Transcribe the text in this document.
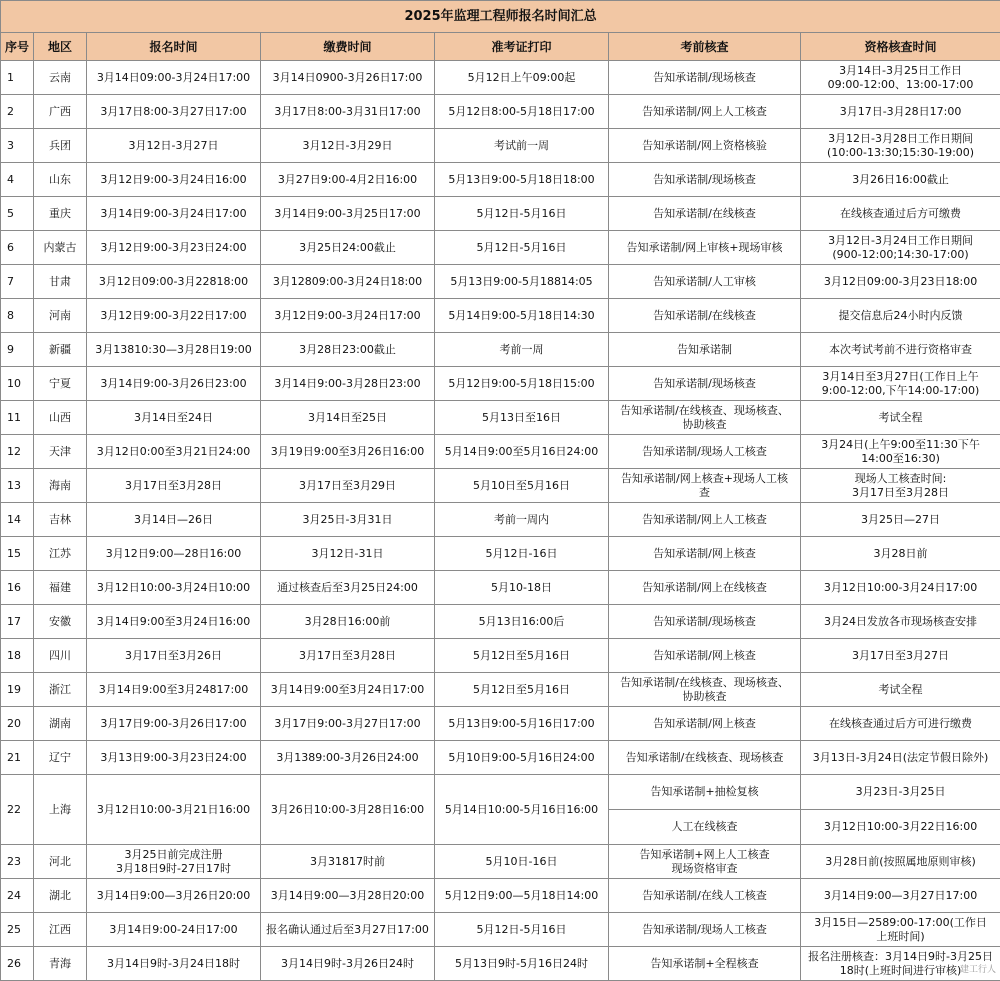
2025年监理工程师报名时间汇总						
序号	地区	报名时间	缴费时间	准考证打印	考前核查	资格核查时间
1	云南	3月14日09:00-3月24日17:00	3月14日0900-3月26日17:00	5月12日上午09:00起	告知承诺制/现场核查	3月14日-3月25日工作日
09:00-12:00、13:00-17:00
2	广西	3月17日8:00-3月27日17:00	3月17日8:00-3月31日17:00	5月12日8:00-5月18日17:00	告知承诺制/网上人工核查	3月17日-3月28日17:00
3	兵团	3月12日-3月27日	3月12日-3月29日	考试前一周	告知承诺制/网上资格核验	3月12日-3月28日工作日期间
(10:00-13:30;15:30-19:00)
4	山东	3月12日9:00-3月24日16:00	3月27日9:00-4月2日16:00	5月13日9:00-5月18日18:00	告知承诺制/现场核查	3月26日16:00截止
5	重庆	3月14日9:00-3月24日17:00	3月14日9:00-3月25日17:00	5月12日-5月16日	告知承诺制/在线核查	在线核查通过后方可缴费
6	内蒙古	3月12日9:00-3月23日24:00	3月25日24:00截止	5月12日-5月16日	告知承诺制/网上审核+现场审核	3月12日-3月24日工作日期间
(900-12:00;14:30-17:00)
7	甘肃	3月12日09:00-3月22818:00	3月12809:00-3月24日18:00	5月13日9:00-5月18814:05	告知承诺制/人工审核	3月12日09:00-3月23日18:00
8	河南	3月12日9:00-3月22日17:00	3月12日9:00-3月24日17:00	5月14日9:00-5月18日14:30	告知承诺制/在线核查	提交信息后24小时内反馈
9	新疆	3月13810:30—3月28日19:00	3月28日23:00截止	考前一周	告知承诺制	本次考试考前不进行资格审查
10	宁夏	3月14日9:00-3月26日23:00	3月14日9:00-3月28日23:00	5月12日9:00-5月18日15:00	告知承诺制/现场核查	3月14日至3月27日(工作日上午
9:00-12:00,下午14:00-17:00)
11	山西	3月14日至24日	3月14日至25日	5月13日至16日	告知承诺制/在线核查、现场核查、
协助核查	考试全程
12	天津	3月12日0:00至3月21日24:00	3月19日9:00至3月26日16:00	5月14日9:00至5月16日24:00	告知承诺制/现场人工核查	3月24日(上午9:00至11:30下午
14:00至16:30)
13	海南	3月17日至3月28日	3月17日至3月29日	5月10日至5月16日	告知承诺制/网上核查+现场人工核
查	现场人工核查时间:
3月17日至3月28日
14	吉林	3月14日—26日	3月25日-3月31日	考前一周内	告知承诺制/网上人工核查	3月25日—27日
15	江苏	3月12日9:00—28日16:00	3月12日-31日	5月12日-16日	告知承诺制/网上核查	3月28日前
16	福建	3月12日10:00-3月24日10:00	通过核查后至3月25日24:00	5月10-18日	告知承诺制/网上在线核查	3月12日10:00-3月24日17:00
17	安徽	3月14日9:00至3月24日16:00	3月28日16:00前	5月13日16:00后	告知承诺制/现场核查	3月24日发放各市现场核查安排
18	四川	3月17日至3月26日	3月17日至3月28日	5月12日至5月16日	告知承诺制/网上核查	3月17日至3月27日
19	浙江	3月14日9:00至3月24817:00	3月14日9:00至3月24日17:00	5月12日至5月16日	告知承诺制/在线核查、现场核查、
协助核查	考试全程
20	湖南	3月17日9:00-3月26日17:00	3月17日9:00-3月27日17:00	5月13日9:00-5月16日17:00	告知承诺制/网上核查	在线核查通过后方可进行缴费
21	辽宁	3月13日9:00-3月23日24:00	3月1389:00-3月26日24:00	5月10日9:00-5月16日24:00	告知承诺制/在线核查、现场核查	3月13日-3月24日(法定节假日除外)
22	上海	3月12日10:00-3月21日16:00	3月26日10:00-3月28日16:00	5月14日10:00-5月16日16:00	告知承诺制+抽检复核	3月23日-3月25日
					人工在线核查	3月12日10:00-3月22日16:00
23	河北	3月25日前完成注册
3月18日9时-27日17时	3月31817时前	5月10日-16日	告知承诺制+网上人工核查
现场资格审查	3月28日前(按照属地原则审核)
24	湖北	3月14日9:00—3月26日20:00	3月14日9:00—3月28日20:00	5月12日9:00—5月18日14:00	告知承诺制/在线人工核查	3月14日9:00—3月27日17:00
25	江西	3月14日9:00-24日17:00	报名确认通过后至3月27日17:00	5月12日-5月16日	告知承诺制/现场人工核查	3月15日—2589:00-17:00(工作日
上班时间)
26	青海	3月14日9时-3月24日18时	3月14日9时-3月26日24时	5月13日9时-5月16日24时	告知承诺制+全程核查	报名注册核查：3月14日9时-3月25日
18时(上班时间进行审核)
建工行人
